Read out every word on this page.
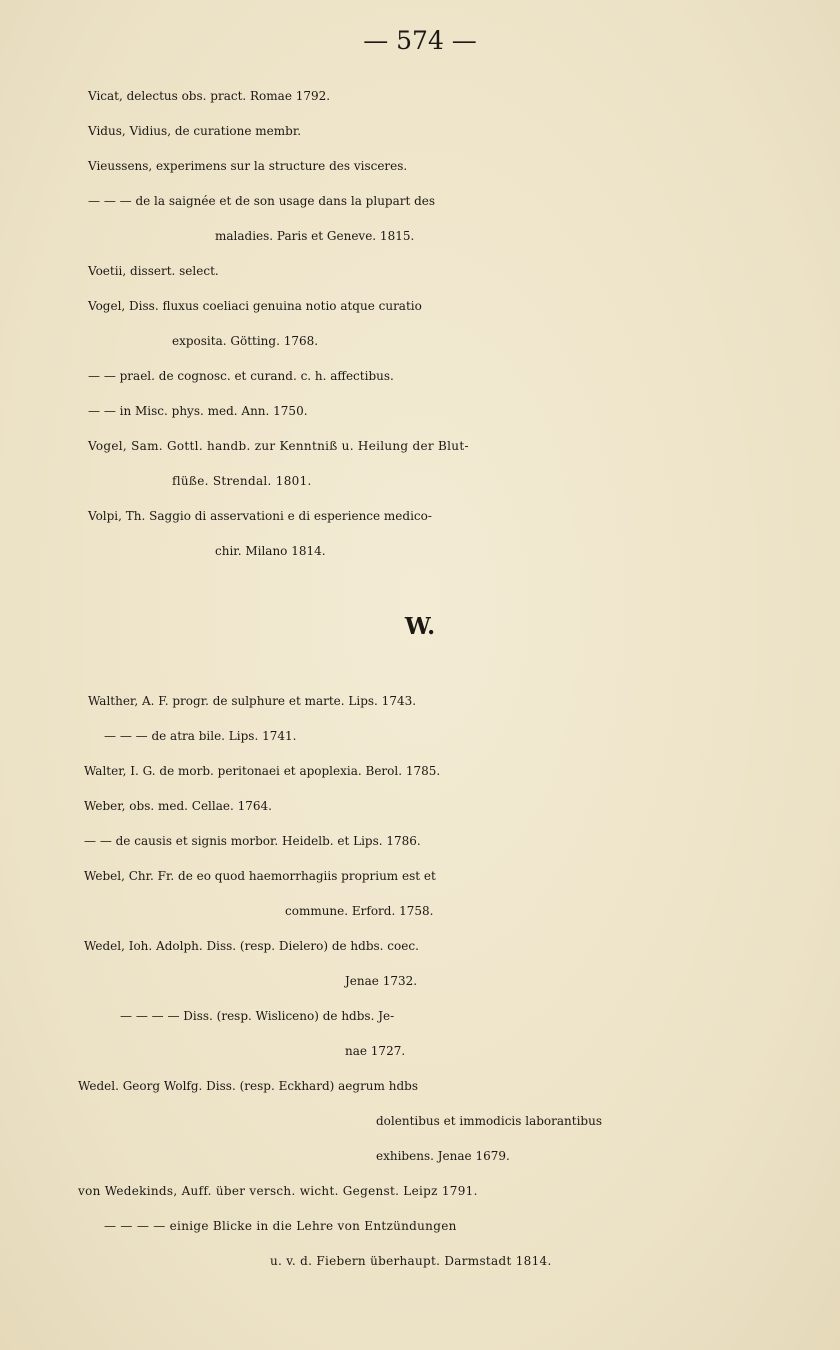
— 574 —
Vicat, delectus obs. pract. Romae 1792.
Vidus, Vidius, de curatione membr.
Vieussens, experimens sur la structure des visceres.
— — — de la saignée et de son usage dans la plupart des
maladies. Paris et Geneve. 1815.
Voetii, dissert. select.
Vogel, Diss. fluxus coeliaci genuina notio atque curatio
exposita. Götting. 1768.
— — prael. de cognosc. et curand. c. h. affectibus.
— — in Misc. phys. med. Ann. 1750.
Vogel, Sam. Gottl. handb. zur Kenntniß u. Heilung der Blut-
flüße. Strendal. 1801.
Volpi, Th. Saggio di asservationi e di esperience medico-
chir. Milano 1814.
W.
Walther, A. F. progr. de sulphure et marte. Lips. 1743.
— — — de atra bile. Lips. 1741.
Walter, I. G. de morb. peritonaei et apoplexia. Berol. 1785.
Weber, obs. med. Cellae. 1764.
— — de causis et signis morbor. Heidelb. et Lips. 1786.
Webel, Chr. Fr. de eo quod haemorrhagiis proprium est et
commune. Erford. 1758.
Wedel, Ioh. Adolph. Diss. (resp. Dielero) de hdbs. coec.
Jenae 1732.
— — — — Diss. (resp. Wisliceno) de hdbs. Je-
nae 1727.
Wedel. Georg Wolfg. Diss. (resp. Eckhard) aegrum hdbs
dolentibus et immodicis laborantibus
exhibens. Jenae 1679.
von Wedekinds, Auff. über versch. wicht. Gegenst. Leipz 1791.
— — — — einige Blicke in die Lehre von Entzündungen
u. v. d. Fiebern überhaupt. Darmstadt 1814.
